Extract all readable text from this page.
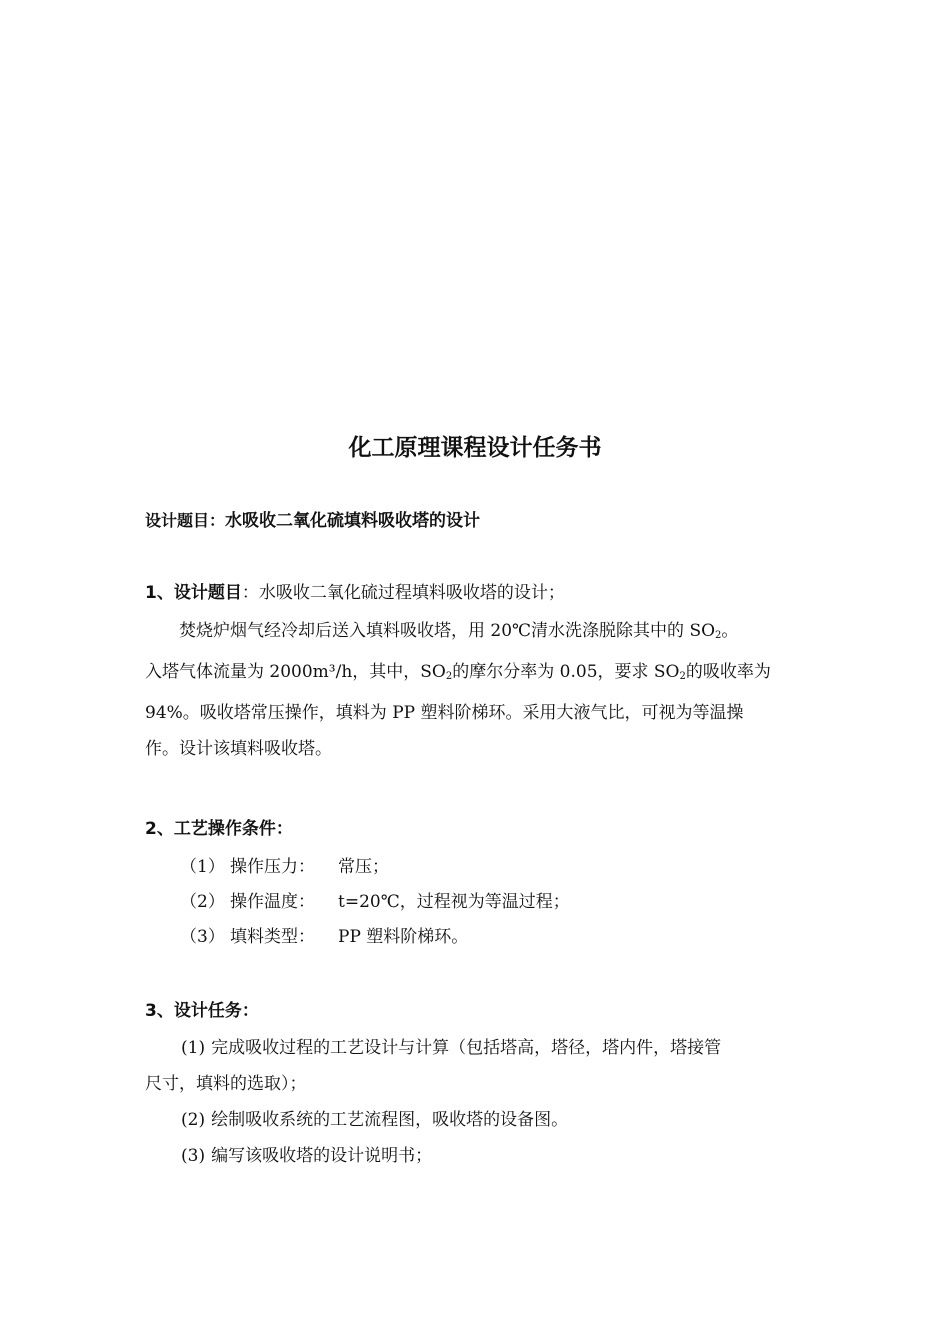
化工原理课程设计任务书
设计题目：水吸收二氧化硫填料吸收塔的设计
1、设计题目：水吸收二氧化硫过程填料吸收塔的设计；
焚烧炉烟气经冷却后送入填料吸收塔，用 20℃清水洗涤脱除其中的 $SO_2$。
入塔气体流量为 2000m³/h，其中，$SO_2$的摩尔分率为 0.05，要求 $SO_2$的吸收率为
94%。吸收塔常压操作，填料为 PP 塑料阶梯环。采用大液气比，可视为等温操
作。设计该填料吸收塔。
2、工艺操作条件：
（1） 操作压力： 常压；
（2） 操作温度： t=20℃，过程视为等温过程；
（3） 填料类型： PP 塑料阶梯环。
3、设计任务：
(1) 完成吸收过程的工艺设计与计算（包括塔高，塔径，塔内件，塔接管
尺寸，填料的选取）；
(2) 绘制吸收系统的工艺流程图，吸收塔的设备图。
(3) 编写该吸收塔的设计说明书；
